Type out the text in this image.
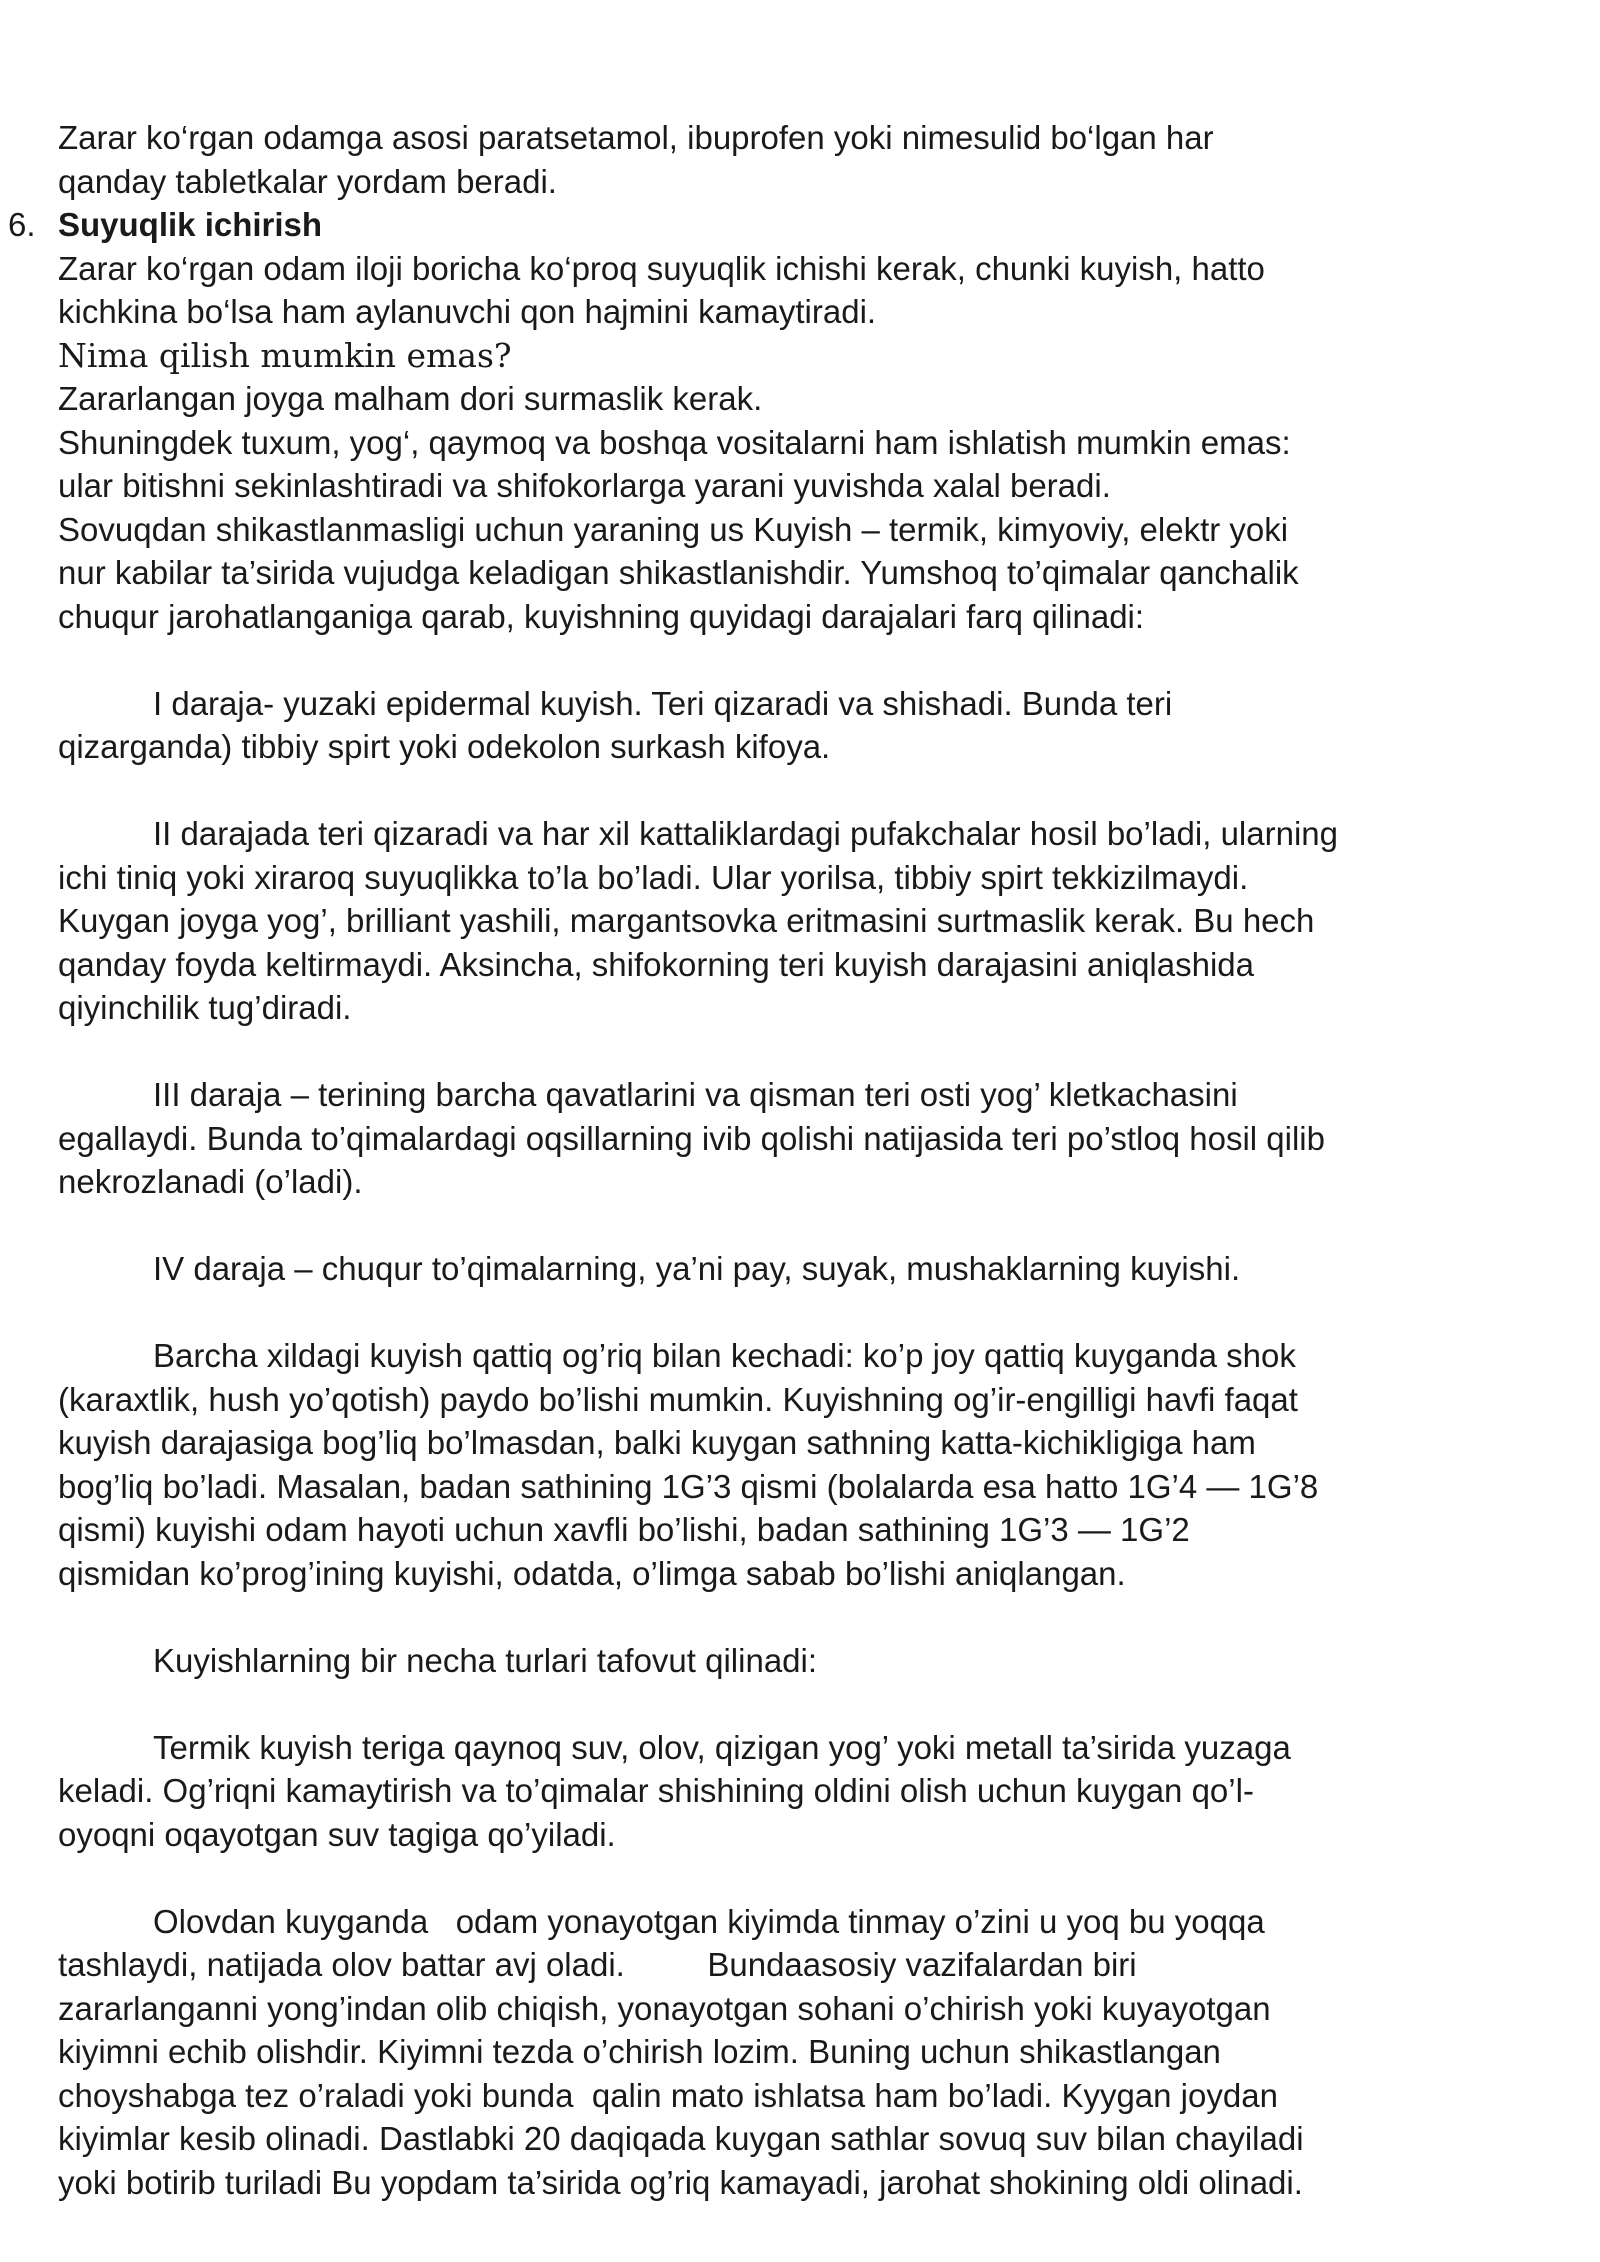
Zarar ko‘rgan odamga asosi paratsetamol, ibuprofen yoki nimesulid bo‘lgan har
qanday tabletkalar yordam beradi.
6. Suyuqlik ichirish
Zarar ko‘rgan odam iloji boricha ko‘proq suyuqlik ichishi kerak, chunki kuyish, hatto
kichkina bo‘lsa ham aylanuvchi qon hajmini kamaytiradi.
Nima qilish mumkin emas?
Zararlangan joyga malham dori surmaslik kerak.
Shuningdek tuxum, yog‘, qaymoq va boshqa vositalarni ham ishlatish mumkin emas:
ular bitishni sekinlashtiradi va shifokorlarga yarani yuvishda xalal beradi.
Sovuqdan shikastlanmasligi uchun yaraning us Kuyish – termik, kimyoviy, elektr yoki
nur kabilar ta’sirida vujudga keladigan shikastlanishdir. Yumshoq to’qimalar qanchalik
chuqur jarohatlanganiga qarab, kuyishning quyidagi darajalari farq qilinadi:
I daraja- yuzaki epidermal kuyish. Teri qizaradi va shishadi. Bunda teri
qizarganda) tibbiy spirt yoki odekolon surkash kifoya.
II darajada teri qizaradi va har xil kattaliklardagi pufakchalar hosil bo’ladi, ularning
ichi tiniq yoki xiraroq suyuqlikka to’la bo’ladi. Ular yorilsa, tibbiy spirt tekkizilmaydi.
Kuygan joyga yog’, brilliant yashili, margantsovka eritmasini surtmaslik kerak. Bu hech
qanday foyda keltirmaydi. Aksincha, shifokorning teri kuyish darajasini aniqlashida
qiyinchilik tug’diradi.
III daraja – terining barcha qavatlarini va qisman teri osti yog’ kletkachasini
egallaydi. Bunda to’qimalardagi oqsillarning ivib qolishi natijasida teri po’stloq hosil qilib
nekrozlanadi (o’ladi).
IV daraja – chuqur to’qimalarning, ya’ni pay, suyak, mushaklarning kuyishi.
Barcha xildagi kuyish qattiq og’riq bilan kechadi: ko’p joy qattiq kuyganda shok
(karaxtlik, hush yo’qotish) paydo bo’lishi mumkin. Kuyishning og’ir-engilligi havfi faqat
kuyish darajasiga bog’liq bo’lmasdan, balki kuygan sathning katta-kichikligiga ham
bog’liq bo’ladi. Masalan, badan sathining 1G’3 qismi (bolalarda esa hatto 1G’4 — 1G’8
qismi) kuyishi odam hayoti uchun xavfli bo’lishi, badan sathining 1G’3 — 1G’2
qismidan ko’prog’ining kuyishi, odatda, o’limga sabab bo’lishi aniqlangan.
Kuyishlarning bir necha turlari tafovut qilinadi:
Termik kuyish teriga qaynoq suv, olov, qizigan yog’ yoki metall ta’sirida yuzaga
keladi. Og’riqni kamaytirish va to’qimalar shishining oldini olish uchun kuygan qo’l-
oyoqni oqayotgan suv tagiga qo’yiladi.
Olovdan kuyganda   odam yonayotgan kiyimda tinmay o’zini u yoq bu yoqqa
tashlaydi, natijada olov battar avj oladi.         Bundaasosiy vazifalardan biri
zararlanganni yong’indan olib chiqish, yonayotgan sohani o’chirish yoki kuyayotgan
kiyimni echib olishdir. Kiyimni tezda o’chirish lozim. Buning uchun shikastlangan
choyshabga tez o’raladi yoki bunda  qalin mato ishlatsa ham bo’ladi. Kyygan joydan
kiyimlar kesib olinadi. Dastlabki 20 daqiqada kuygan sathlar sovuq suv bilan chayiladi
yoki botirib turiladi Bu yopdam ta’sirida og’riq kamayadi, jarohat shokining oldi olinadi.
